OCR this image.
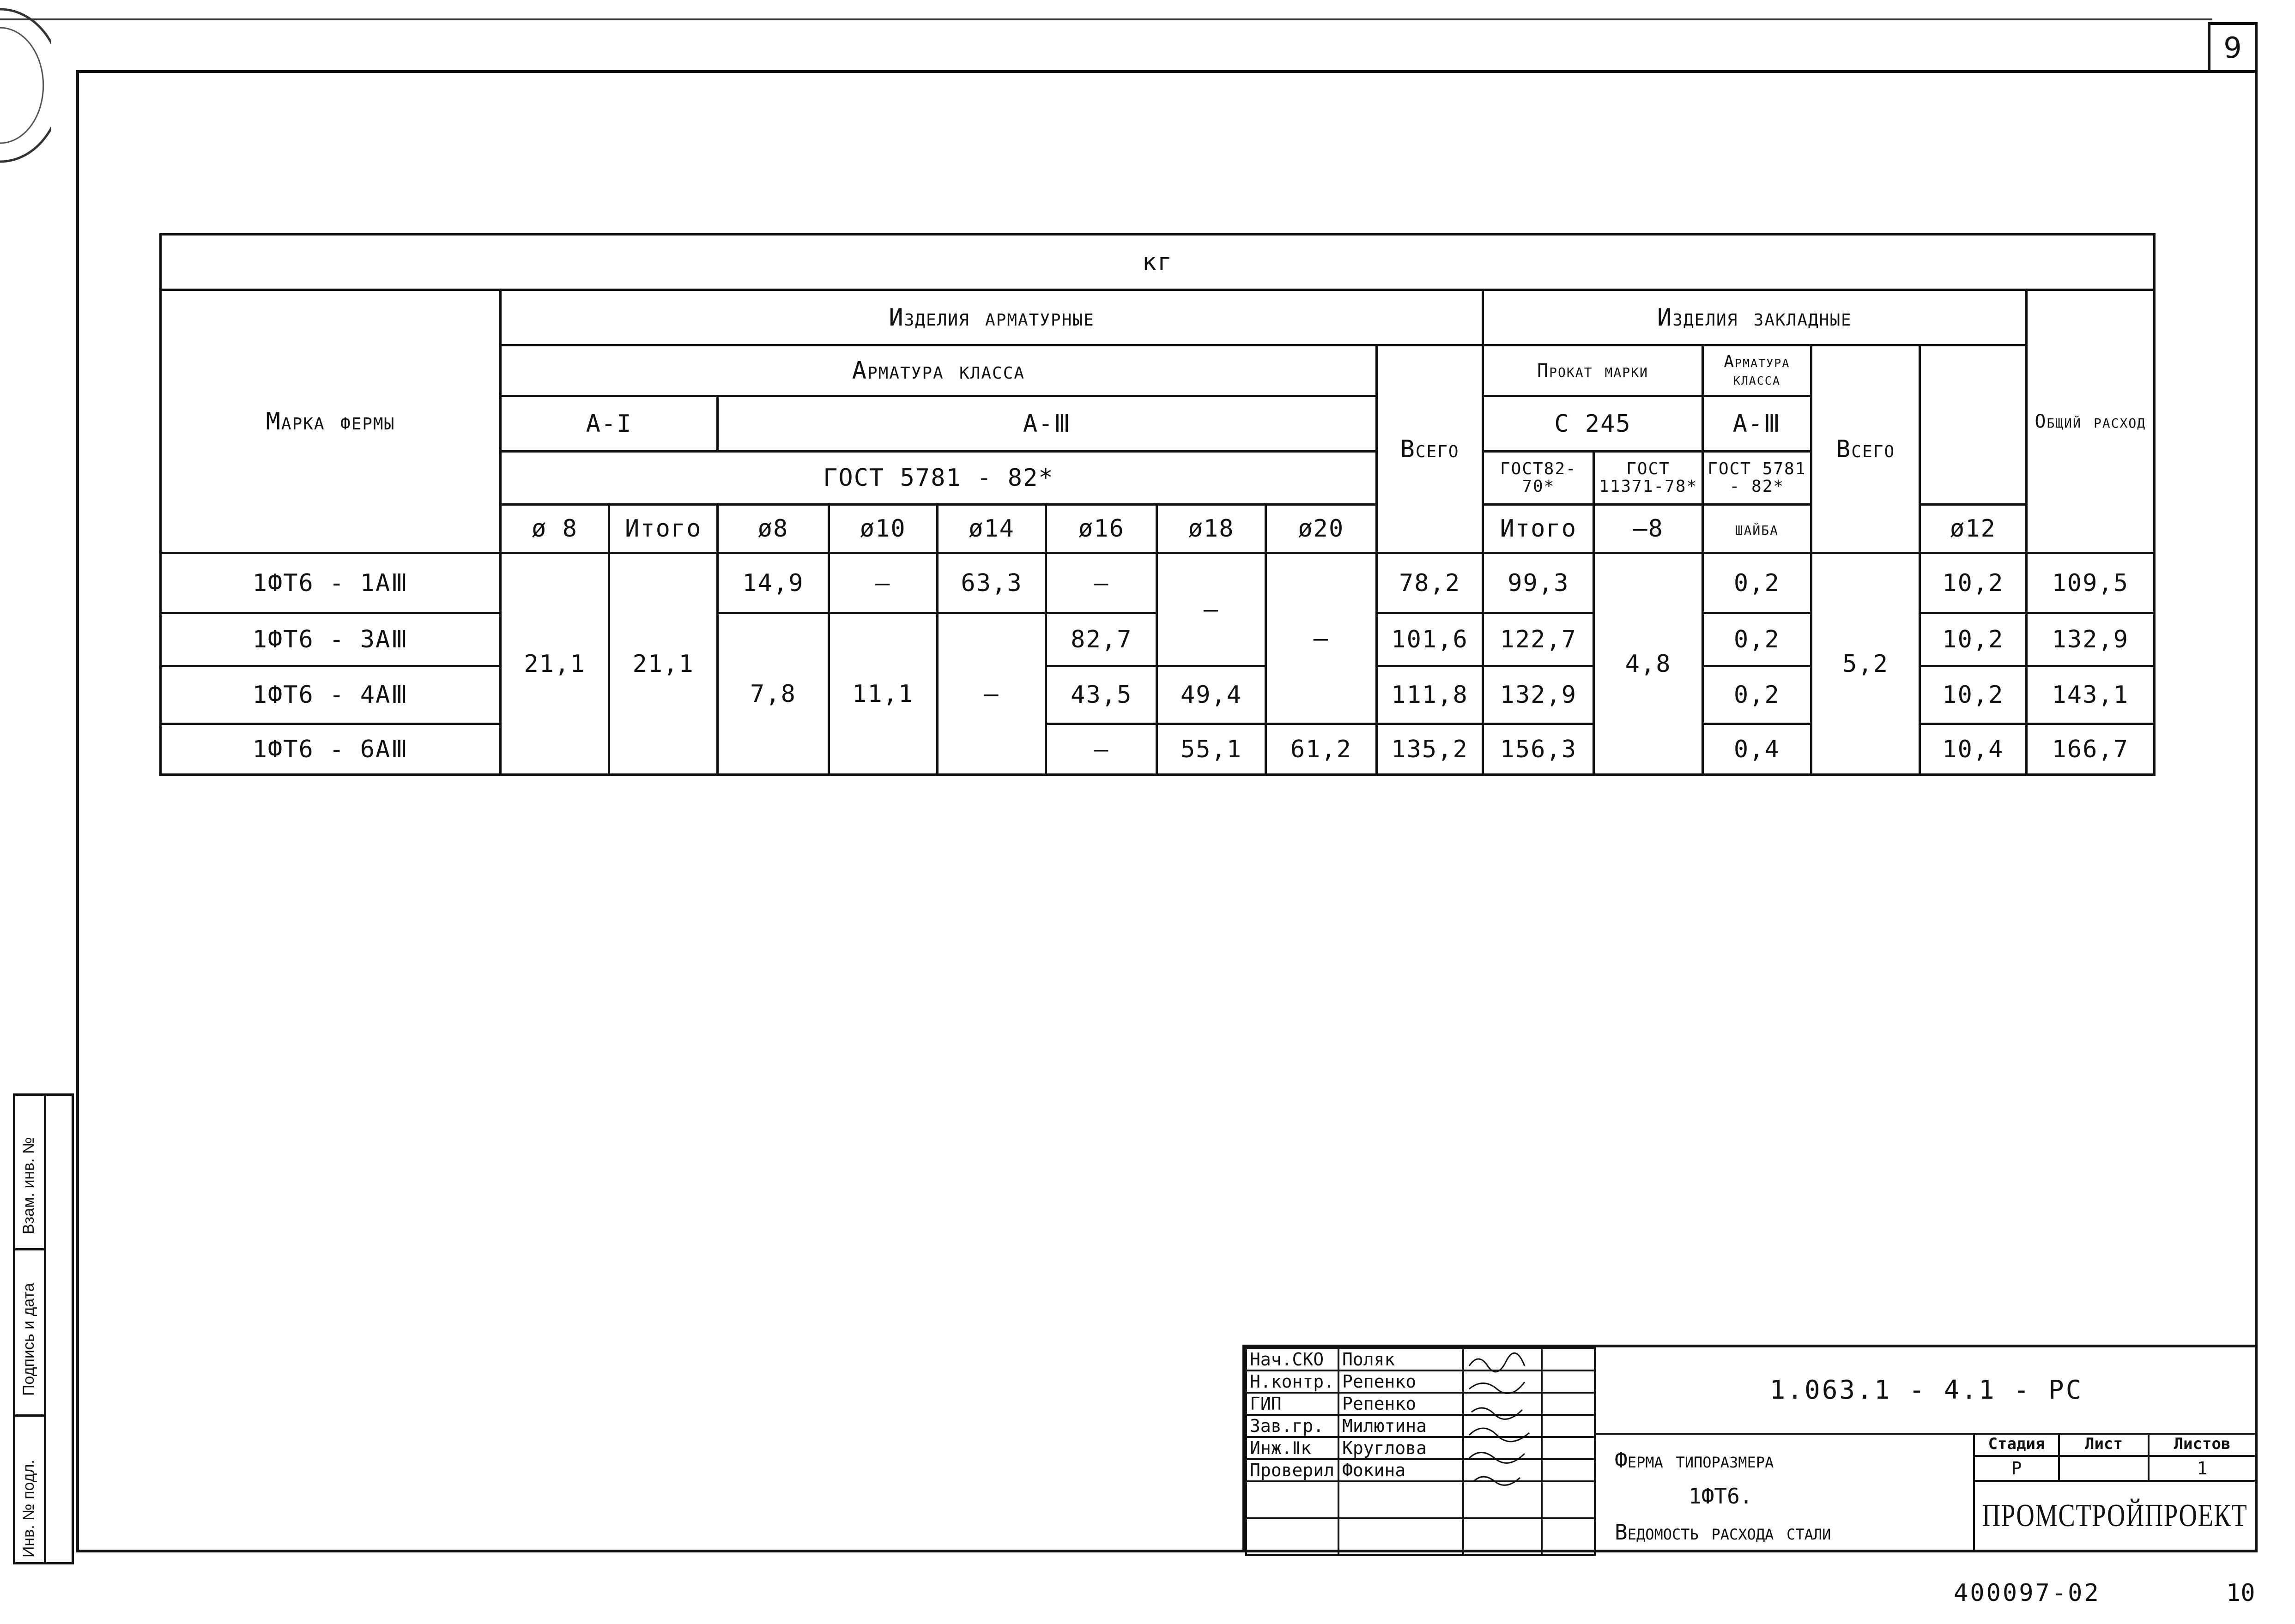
9
кг															
Марка фермы	Изделия арматурные									Изделия закладные					Общий расход
	Арматура класса								Всего	Прокат марки		Арматура класса	Всего		
	A-I		A-Ⅲ							С 245		A-Ⅲ			
	ГОСТ 5781 - 82*									ГОСТ82-70*	ГОСТ 11371-78*	ГОСТ 5781 - 82*			
	ø 8	Итого	ø8	ø10	ø14	ø16	ø18	ø20		Итого	—8	шайба		ø12	
1ФТ6 - 1АⅢ	21,1	21,1	14,9	—	63,3	—	—	—	78,2	99,3	4,8	0,2	5,2	10,2	109,5
1ФТ6 - 3АⅢ			7,8	11,1	—	82,7			101,6	122,7		0,2		10,2	132,9
1ФТ6 - 4АⅢ						43,5	49,4		111,8	132,9		0,2		10,2	143,1
1ФТ6 - 6АⅢ						—	55,1	61,2	135,2	156,3		0,4		10,4	166,7
Инв. № подл.
Подпись и дата
Взам. инв. №
Нач.СКО	Поляк		
Н.контр.	Репенко		
ГИП	Репенко		
Зав.гр.	Милютина		
Инж.Ⅱк	Круглова		
Проверил	Фокина		

1.063.1 - 4.1 - РС
Ферма типоразмера
1ФТ6.
Ведомость расхода стали
Стадия	Лист	Листов
Р	1
ПРОМСТРОЙПРОЕКТ
400097-02	10
